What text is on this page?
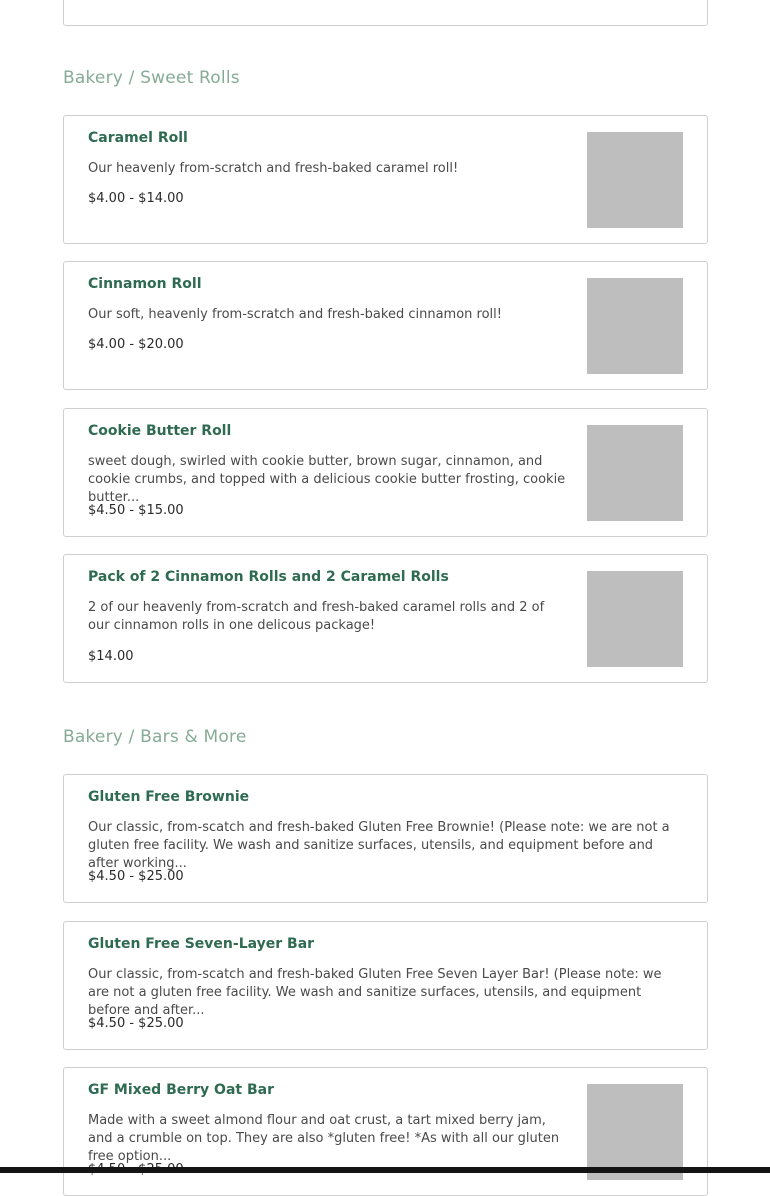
Bakery / Sweet Rolls
Caramel Roll
Our heavenly from-scratch and fresh-baked caramel roll!
$4.00 - $14.00
Cinnamon Roll
Our soft, heavenly from-scratch and fresh-baked cinnamon roll!
$4.00 - $20.00
Cookie Butter Roll
sweet dough, swirled with cookie butter, brown sugar, cinnamon, and cookie crumbs, and topped with a delicious cookie butter frosting, cookie butter...
$4.50 - $15.00
Pack of 2 Cinnamon Rolls and 2 Caramel Rolls
2 of our heavenly from-scratch and fresh-baked caramel rolls and 2 of our cinnamon rolls in one delicous package!
$14.00
Bakery / Bars & More
Gluten Free Brownie
Our classic, from-scatch and fresh-baked Gluten Free Brownie! (Please note: we are not a gluten free facility. We wash and sanitize surfaces, utensils, and equipment before and after working...
$4.50 - $25.00
Gluten Free Seven-Layer Bar
Our classic, from-scatch and fresh-baked Gluten Free Seven Layer Bar! (Please note: we are not a gluten free facility. We wash and sanitize surfaces, utensils, and equipment before and after...
$4.50 - $25.00
GF Mixed Berry Oat Bar
Made with a sweet almond flour and oat crust, a tart mixed berry jam, and a crumble on top. They are also *gluten free! *As with all our gluten free option...
